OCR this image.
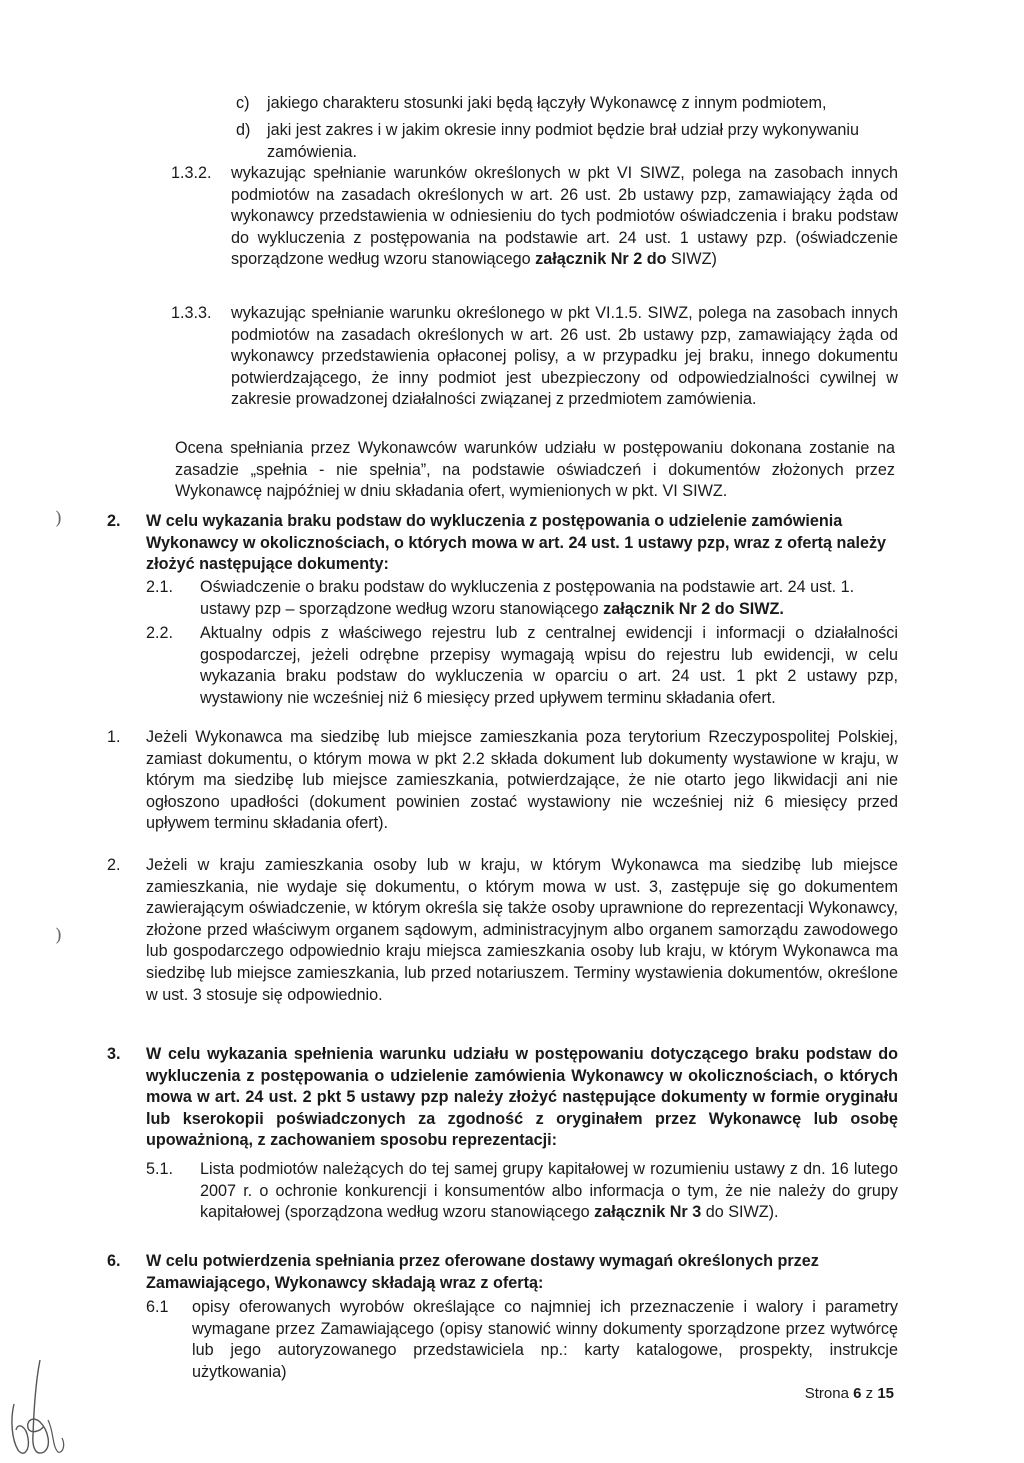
c)	jakiego charakteru stosunki jaki będą łączyły Wykonawcę z innym podmiotem,
d)	jaki jest zakres i w jakim okresie inny podmiot będzie brał udział przy wykonywaniu zamówienia.
1.3.2.	wykazując spełnianie warunków określonych w pkt VI SIWZ, polega na zasobach innych podmiotów na zasadach określonych w art. 26 ust. 2b ustawy pzp, zamawiający żąda od wykonawcy przedstawienia w odniesieniu do tych podmiotów oświadczenia i braku podstaw do wykluczenia z postępowania na podstawie art. 24 ust. 1 ustawy pzp. (oświadczenie sporządzone według wzoru stanowiącego załącznik Nr 2 do SIWZ)
1.3.3.	wykazując spełnianie warunku określonego w pkt VI.1.5. SIWZ, polega na zasobach innych podmiotów na zasadach określonych w art. 26 ust. 2b ustawy pzp, zamawiający żąda od wykonawcy przedstawienia opłaconej polisy, a w przypadku jej braku, innego dokumentu potwierdzającego, że inny podmiot jest ubezpieczony od odpowiedzialności cywilnej w zakresie prowadzonej działalności związanej z przedmiotem zamówienia.
Ocena spełniania przez Wykonawców warunków udziału w postępowaniu dokonana zostanie na zasadzie „spełnia - nie spełnia”, na podstawie oświadczeń i dokumentów złożonych przez Wykonawcę najpóźniej w dniu składania ofert, wymienionych w pkt. VI SIWZ.
2.	W celu wykazania braku podstaw do wykluczenia z postępowania o udzielenie zamówienia Wykonawcy w okolicznościach, o których mowa w art. 24 ust. 1 ustawy pzp, wraz z ofertą należy złożyć następujące dokumenty:
2.1.	Oświadczenie o braku podstaw do wykluczenia z postępowania na podstawie art. 24 ust. 1. ustawy pzp – sporządzone według wzoru stanowiącego załącznik Nr 2 do SIWZ.
2.2.	Aktualny odpis z właściwego rejestru lub z centralnej ewidencji i informacji o działalności gospodarczej, jeżeli odrębne przepisy wymagają wpisu do rejestru lub ewidencji, w celu wykazania braku podstaw do wykluczenia w oparciu o art. 24 ust. 1 pkt 2 ustawy pzp, wystawiony nie wcześniej niż 6 miesięcy przed upływem terminu składania ofert.
1.	Jeżeli Wykonawca ma siedzibę lub miejsce zamieszkania poza terytorium Rzeczypospolitej Polskiej, zamiast dokumentu, o którym mowa w pkt 2.2 składa dokument lub dokumenty wystawione w kraju, w którym ma siedzibę lub miejsce zamieszkania, potwierdzające, że nie otarto jego likwidacji ani nie ogłoszono upadłości (dokument powinien zostać wystawiony nie wcześniej niż 6 miesięcy przed upływem terminu składania ofert).
2.	Jeżeli w kraju zamieszkania osoby lub w kraju, w którym Wykonawca ma siedzibę lub miejsce zamieszkania, nie wydaje się dokumentu, o którym mowa w ust. 3, zastępuje się go dokumentem zawierającym oświadczenie, w którym określa się także osoby uprawnione do reprezentacji Wykonawcy, złożone przed właściwym organem sądowym, administracyjnym albo organem samorządu zawodowego lub gospodarczego odpowiednio kraju miejsca zamieszkania osoby lub kraju, w którym Wykonawca ma siedzibę lub miejsce zamieszkania, lub przed notariuszem. Terminy wystawienia dokumentów, określone w ust. 3 stosuje się odpowiednio.
3.	W celu wykazania spełnienia warunku udziału w postępowaniu dotyczącego braku podstaw do wykluczenia z postępowania o udzielenie zamówienia Wykonawcy w okolicznościach, o których mowa w art. 24 ust. 2 pkt 5 ustawy pzp należy złożyć następujące dokumenty w formie oryginału lub kserokopii poświadczonych za zgodność z oryginałem przez Wykonawcę lub osobę upoważnioną, z zachowaniem sposobu reprezentacji:
5.1.	Lista podmiotów należących do tej samej grupy kapitałowej w rozumieniu ustawy z dn. 16 lutego 2007 r. o ochronie konkurencji i konsumentów albo informacja o tym, że nie należy do grupy kapitałowej (sporządzona według wzoru stanowiącego załącznik Nr 3 do SIWZ).
6.	W celu potwierdzenia spełniania przez oferowane dostawy wymagań określonych przez Zamawiającego, Wykonawcy składają wraz z ofertą:
6.1	opisy oferowanych wyrobów określające co najmniej ich przeznaczenie i walory i parametry wymagane przez Zamawiającego (opisy stanowić winny dokumenty sporządzone przez wytwórcę lub jego autoryzowanego przedstawiciela np.: karty katalogowe, prospekty, instrukcje użytkowania)
Strona 6 z 15
)
)
